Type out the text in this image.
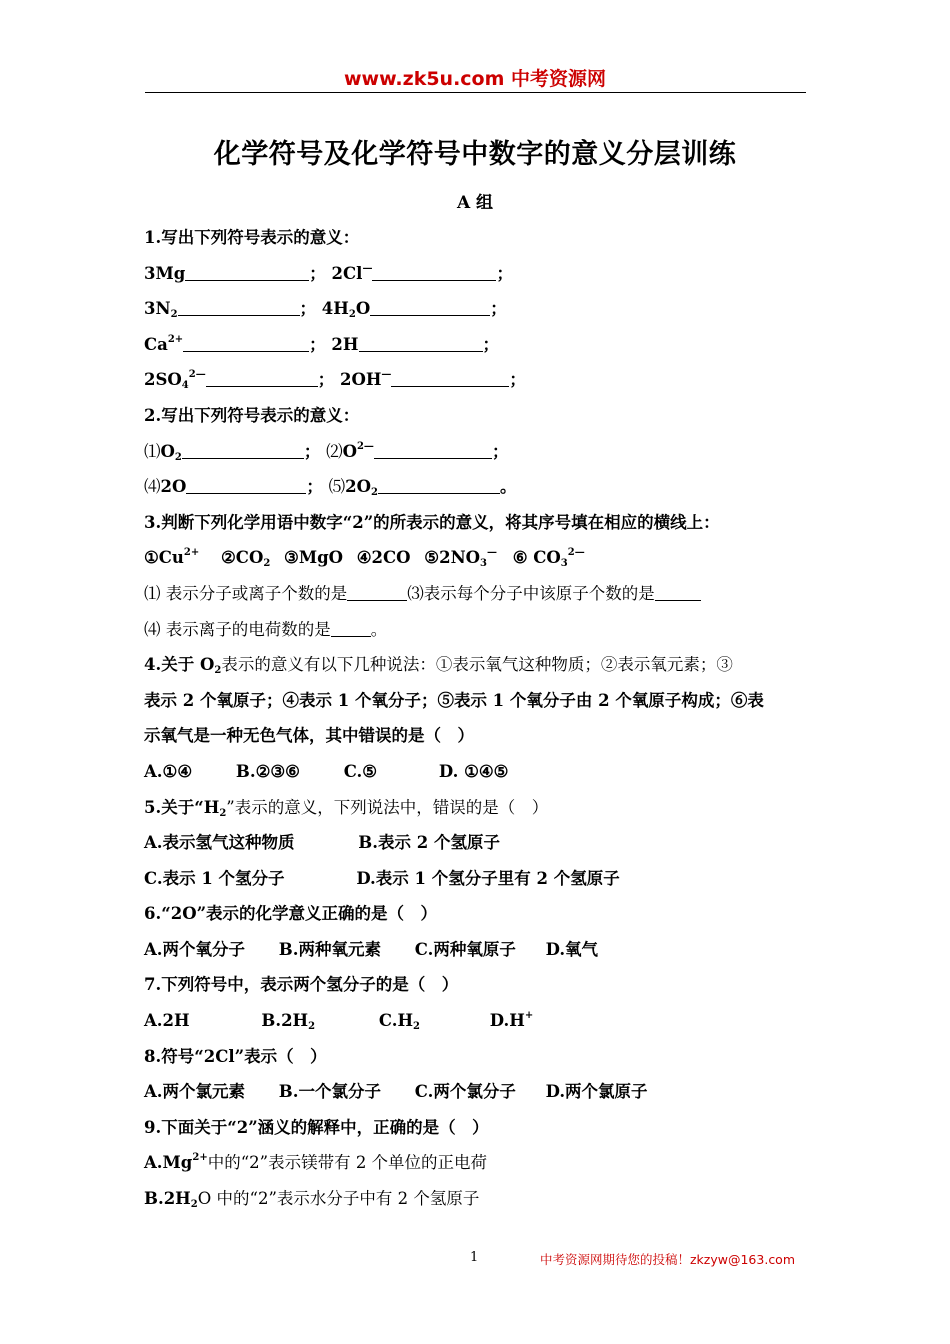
www.zk5u.com 中考资源网
化学符号及化学符号中数字的意义分层训练
A 组
1.写出下列符号表示的意义：
3Mg	； 2Cl—	；
$3N_2$	； $4H_2O$	；
$Ca^{2+}$	； 2H	；
$2SO_4^{2—}$	； 2OH—	；
2.写出下列符号表示的意义：
$⑴O_2$	； $⑵O^{2—}$	；
⑷2O	； $⑸2O_2$	。
3.判断下列化学用语中数字“2”的所表示的意义，将其序号填在相应的横线上：
$①Cu^{2+}$ $②CO_2$ ③MgO ④2CO $⑤2NO_3^—$ ⑥ $CO_3^{2—}$
⑴ 表示分子或离子个数的是	⑶表示每个分子中该原子个数的是
⑷ 表示离子的电荷数的是 。
4.关于 $O_2$表示的意义有以下几种说法：①表示氧气这种物质；②表示氧元素；③
表示 2 个氧原子；④表示 1 个氧分子；⑤表示 1 个氧分子由 2 个氧原子构成；⑥表
示氧气是一种无色气体，其中错误的是（　）
A.①④	B.②③⑥	C.⑤	D. ①④⑤
5.关于“$H_2$”表示的意义，下列说法中，错误的是（　）
A.表示氢气这种物质	B.表示 2 个氢原子
C.表示 1 个氢分子	D.表示 1 个氢分子里有 2 个氢原子
6.“2O”表示的化学意义正确的是（　）
A.两个氧分子 B.两种氧元素 C.两种氧原子 D.氧气
7.下列符号中，表示两个氢分子的是（　）
A.2H	$B.2H_2$	$C.H_2$	D.H+
8.符号“2Cl”表示（　）
A.两个氯元素 B.一个氯分子 C.两个氯分子 D.两个氯原子
9.下面关于“2”涵义的解释中，正确的是（　）
$A.Mg^{2+}$中的“2”表示镁带有 2 个单位的正电荷
$B.2H_2O$ 中的“2”表示水分子中有 2 个氢原子
1	中考资源网期待您的投稿！zkzyw@163.com
